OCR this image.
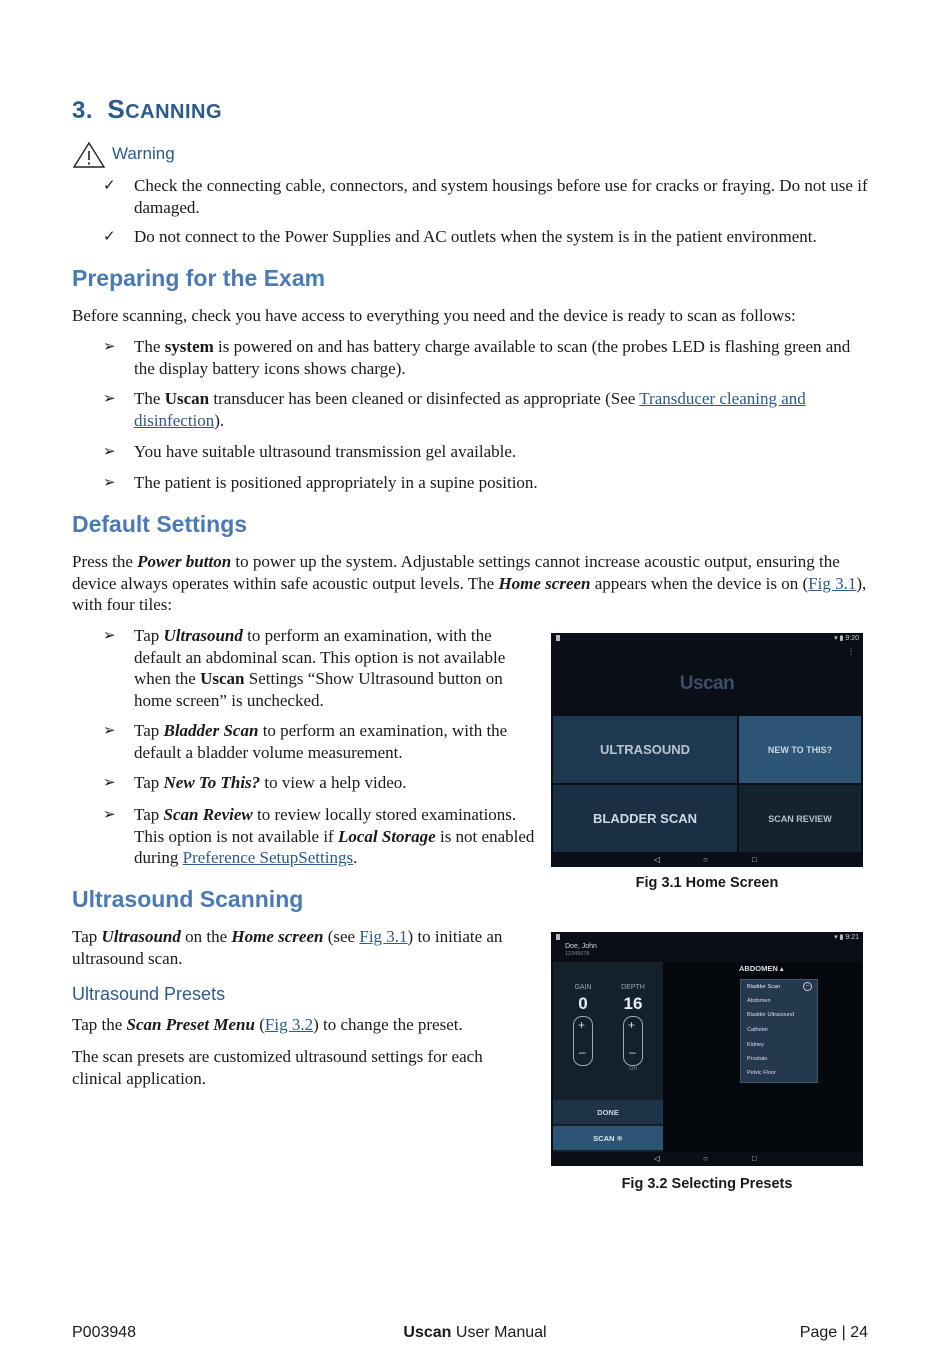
3. SCANNING
Warning
✓	Check the connecting cable, connectors, and system housings before use for cracks or fraying. Do not use if damaged.
✓	Do not connect to the Power Supplies and AC outlets when the system is in the patient environment.
Preparing for the Exam

Before scanning, check you have access to everything you need and the device is ready to scan as follows:

➢	The system is powered on and has battery charge available to scan (the probes LED is flashing green and the display battery icons shows charge).
➢	The Uscan transducer has been cleaned or disinfected as appropriate (See Transducer cleaning and disinfection).
➢	You have suitable ultrasound transmission gel available.
➢	The patient is positioned appropriately in a supine position.
Default Settings

Press the Power button to power up the system. Adjustable settings cannot increase acoustic output, ensuring the device always operates within safe acoustic output levels. The Home screen appears when the device is on (Fig 3.1), with four tiles:

➢	Tap Ultrasound to perform an examination, with the default an abdominal scan. This option is not available when the Uscan Settings “Show Ultrasound button on home screen” is unchecked.
➢	Tap Bladder Scan to perform an examination, with the default a bladder volume measurement.
➢	Tap New To This? to view a help video.
➢	Tap Scan Review to review locally stored examinations. This option is not available if Local Storage is not enabled during Preference SetupSettings.
▾ ▮ 9:20
⋮
Uscan
ULTRASOUND	NEW TO THIS?
BLADDER SCAN	SCAN REVIEW
◁	○	□
Fig 3.1 Home Screen
Ultrasound Scanning

Tap Ultrasound on the Home screen (see Fig 3.1) to initiate an ultrasound scan.

Ultrasound Presets

Tap the Scan Preset Menu (Fig 3.2) to change the preset.

The scan presets are customized ultrasound settings for each clinical application.

▾ ▮ 9:21
Doe, John
12345678
GAIN
0
+
–
DEPTH
16
+
–
cm
ABDOMEN ▴
Bladder Scan	–
Abdomen
Bladder Ultrasound
Catheter
Kidney
Prostate
Pelvic Floor
DONE
SCAN
❄
◁	○	□
Fig 3.2 Selecting Presets
P003948	Uscan User Manual	Page | 24
